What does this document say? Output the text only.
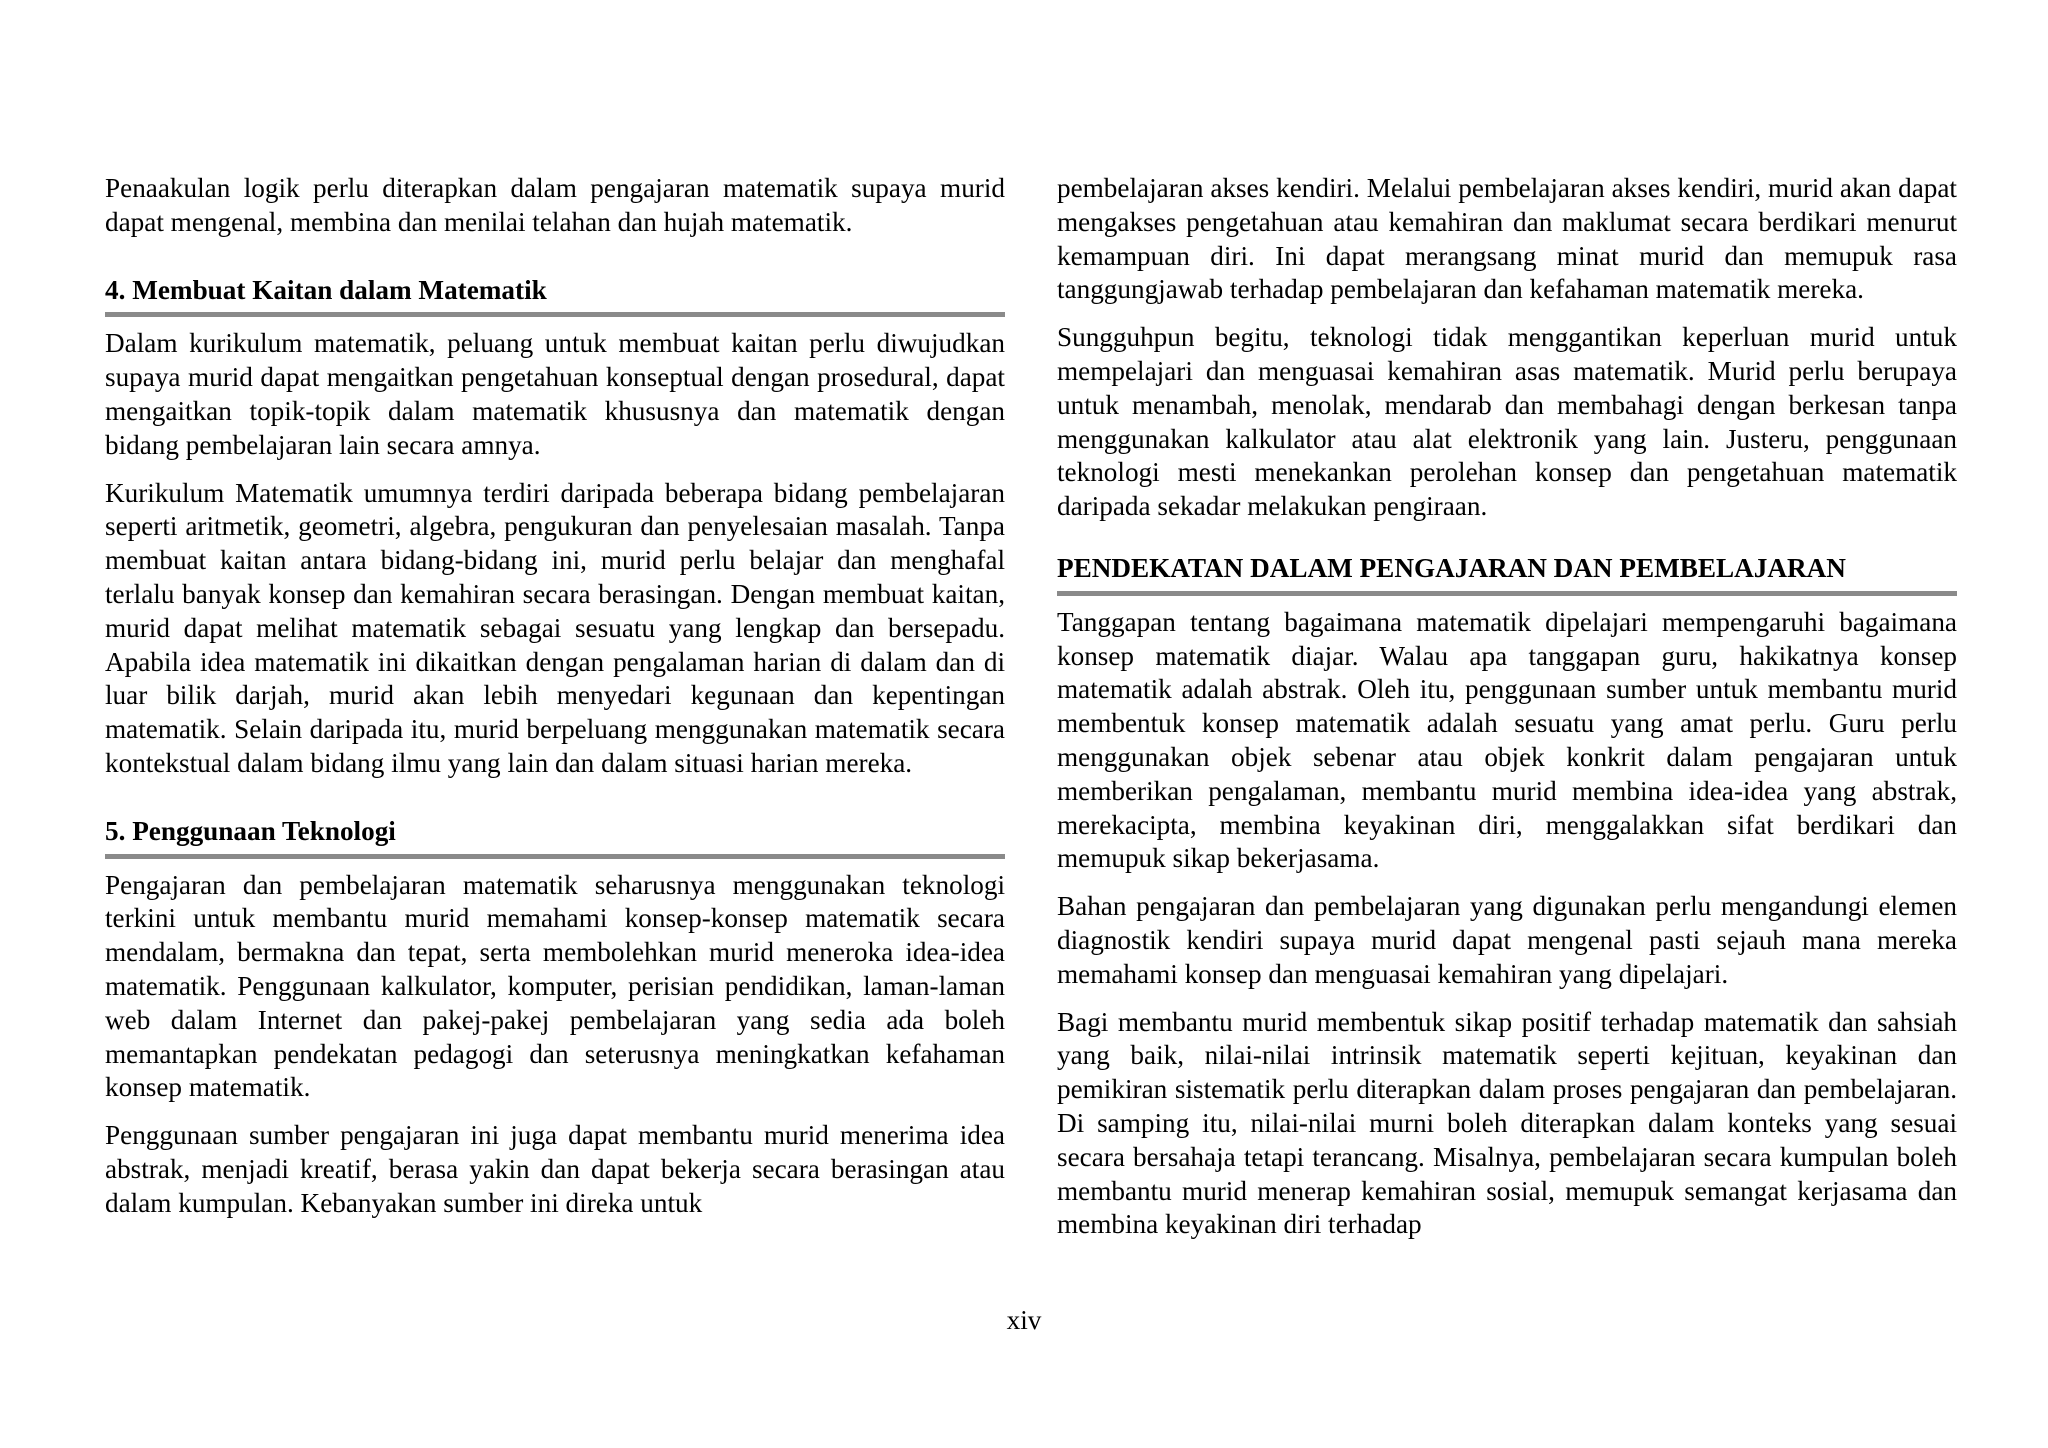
Penaakulan logik perlu diterapkan dalam pengajaran matematik supaya murid dapat mengenal, membina dan menilai telahan dan hujah matematik.

4. Membuat Kaitan dalam Matematik

Dalam kurikulum matematik, peluang untuk membuat kaitan perlu diwujudkan supaya murid dapat mengaitkan pengetahuan konseptual dengan prosedural, dapat mengaitkan topik-topik dalam matematik khususnya dan matematik dengan bidang pembelajaran lain secara amnya.

Kurikulum Matematik umumnya terdiri daripada beberapa bidang pembelajaran seperti aritmetik, geometri, algebra, pengukuran dan penyelesaian masalah. Tanpa membuat kaitan antara bidang-bidang ini, murid perlu belajar dan menghafal terlalu banyak konsep dan kemahiran secara berasingan. Dengan membuat kaitan, murid dapat melihat matematik sebagai sesuatu yang lengkap dan bersepadu. Apabila idea matematik ini dikaitkan dengan pengalaman harian di dalam dan di luar bilik darjah, murid akan lebih menyedari kegunaan dan kepentingan matematik. Selain daripada itu, murid berpeluang menggunakan matematik secara kontekstual dalam bidang ilmu yang lain dan dalam situasi harian mereka.

5. Penggunaan Teknologi

Pengajaran dan pembelajaran matematik seharusnya menggunakan teknologi terkini untuk membantu murid memahami konsep-konsep matematik secara mendalam, bermakna dan tepat, serta membolehkan murid meneroka idea-idea matematik. Penggunaan kalkulator, komputer, perisian pendidikan, laman-laman web dalam Internet dan pakej-pakej pembelajaran yang sedia ada boleh memantapkan pendekatan pedagogi dan seterusnya meningkatkan kefahaman konsep matematik.

Penggunaan sumber pengajaran ini juga dapat membantu murid menerima idea abstrak, menjadi kreatif, berasa yakin dan dapat bekerja secara berasingan atau dalam kumpulan. Kebanyakan sumber ini direka untuk

pembelajaran akses kendiri. Melalui pembelajaran akses kendiri, murid akan dapat mengakses pengetahuan atau kemahiran dan maklumat secara berdikari menurut kemampuan diri. Ini dapat merangsang minat murid dan memupuk rasa tanggungjawab terhadap pembelajaran dan kefahaman matematik mereka.

Sungguhpun begitu, teknologi tidak menggantikan keperluan murid untuk mempelajari dan menguasai kemahiran asas matematik. Murid perlu berupaya untuk menambah, menolak, mendarab dan membahagi dengan berkesan tanpa menggunakan kalkulator atau alat elektronik yang lain. Justeru, penggunaan teknologi mesti menekankan perolehan konsep dan pengetahuan matematik daripada sekadar melakukan pengiraan.

PENDEKATAN DALAM PENGAJARAN DAN PEMBELAJARAN

Tanggapan tentang bagaimana matematik dipelajari mempengaruhi bagaimana konsep matematik diajar. Walau apa tanggapan guru, hakikatnya konsep matematik adalah abstrak. Oleh itu, penggunaan sumber untuk membantu murid membentuk konsep matematik adalah sesuatu yang amat perlu. Guru perlu menggunakan objek sebenar atau objek konkrit dalam pengajaran untuk memberikan pengalaman, membantu murid membina idea-idea yang abstrak, merekacipta, membina keyakinan diri, menggalakkan sifat berdikari dan memupuk sikap bekerjasama.

Bahan pengajaran dan pembelajaran yang digunakan perlu mengandungi elemen diagnostik kendiri supaya murid dapat mengenal pasti sejauh mana mereka memahami konsep dan menguasai kemahiran yang dipelajari.

Bagi membantu murid membentuk sikap positif terhadap matematik dan sahsiah yang baik, nilai-nilai intrinsik matematik seperti kejituan, keyakinan dan pemikiran sistematik perlu diterapkan dalam proses pengajaran dan pembelajaran. Di samping itu, nilai-nilai murni boleh diterapkan dalam konteks yang sesuai secara bersahaja tetapi terancang. Misalnya, pembelajaran secara kumpulan boleh membantu murid menerap kemahiran sosial, memupuk semangat kerjasama dan membina keyakinan diri terhadap

xiv
